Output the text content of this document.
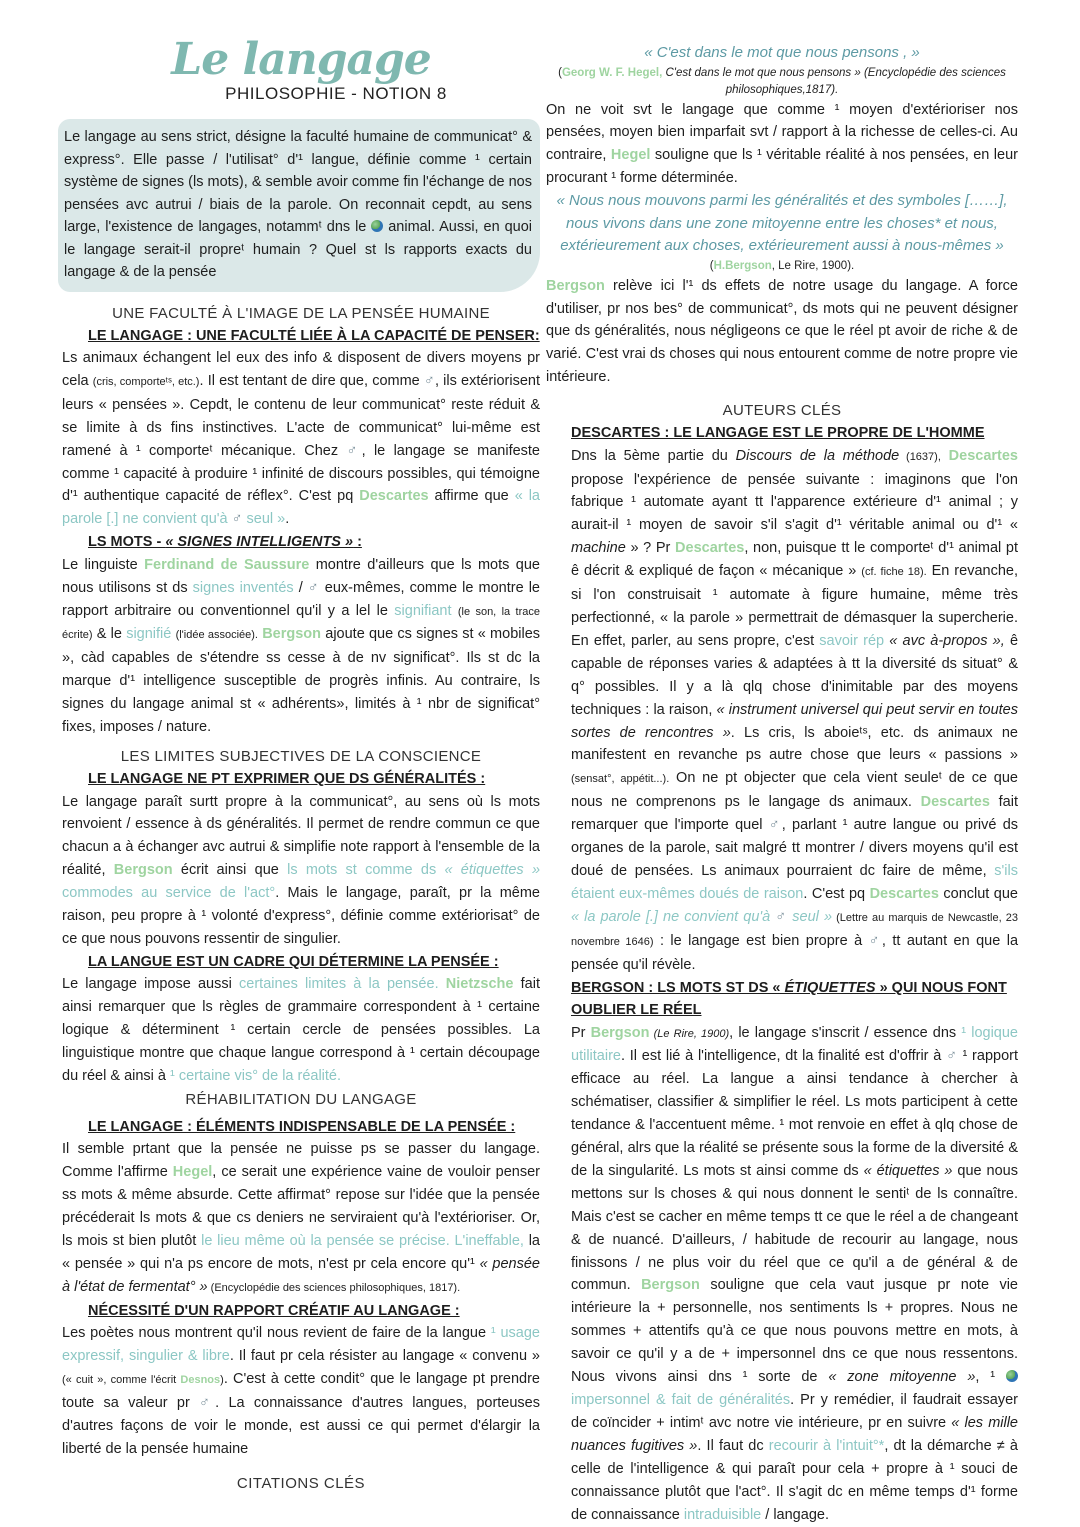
Le langage
PHILOSOPHIE - NOTION 8
Le langage au sens strict, désigne la faculté humaine de communicat° & express°. Elle passe / l'utilisat° d'¹ langue, définie comme ¹ certain système de signes (ls mots), & semble avoir comme fin l'échange de nos pensées avc autrui / biais de la parole. On reconnait cepdt, au sens large, l'existence de langages, notammᵗ dns le  animal. Aussi, en quoi le langage serait-il propreᵗ humain ? Quel st ls rapports exacts du langage & de la pensée
UNE FACULTÉ À L'IMAGE DE LA PENSÉE HUMAINE
LE LANGAGE : UNE FACULTÉ LIÉE À LA CAPACITÉ DE PENSER:

Ls animaux échangent lel eux des info & disposent de divers moyens pr cela (cris, comporteᵗˢ, etc.). Il est tentant de dire que, comme ♂, ils extériorisent leurs « pensées ». Cepdt, le contenu de leur communicat° reste réduit & se limite à ds fins instinctives. L'acte de communicat° lui-même est ramené à ¹ comporteᵗ mécanique. Chez ♂, le langage se manifeste comme ¹ capacité à produire ¹ infinité de discours possibles, qui témoigne d'¹ authentique capacité de réflex°. C'est pq Descartes affirme que « la parole [.] ne convient qu'à ♂ seul ».

LS MOTS - « SIGNES INTELLIGENTS » :

Le linguiste Ferdinand de Saussure montre d'ailleurs que ls mots que nous utilisons st ds signes inventés / ♂ eux-mêmes, comme le montre le rapport arbitraire ou conventionnel qu'il y a lel le signifiant (le son, la trace écrite) & le signifié (l'idée associée). Bergson ajoute que cs signes st « mobiles », càd capables de s'étendre ss cesse à de nv significat°. Ils st dc la marque d'¹ intelligence susceptible de progrès infinis. Au contraire, ls signes du langage animal st « adhérents», limités à ¹ nbr de significat° fixes, imposes / nature.

LES LIMITES SUBJECTIVES DE LA CONSCIENCE
LE LANGAGE NE PT EXPRIMER QUE DS GÉNÉRALITÉS :

Le langage paraît surtt propre à la communicat°, au sens où ls mots renvoient / essence à ds généralités. Il permet de rendre commun ce que chacun a à échanger avc autrui & simplifie note rapport à l'ensemble de la réalité, Bergson écrit ainsi que ls mots st comme ds « étiquettes » commodes au service de l'act°. Mais le langage, paraît, pr la même raison, peu propre à ¹ volonté d'express°, définie comme extériorisat° de ce que nous pouvons ressentir de singulier.

LA LANGUE EST UN CADRE QUI DÉTERMINE LA PENSÉE :

Le langage impose aussi certaines limites à la pensée. Nietzsche fait ainsi remarquer que ls règles de grammaire correspondent à ¹ certaine logique & déterminent ¹ certain cercle de pensées possibles. La linguistique montre que chaque langue correspond à ¹ certain découpage du réel & ainsi à ¹ certaine vis° de la réalité.

RÉHABILITATION DU LANGAGE
LE LANGAGE : ÉLÉMENTS INDISPENSABLE DE LA PENSÉE :

Il semble prtant que la pensée ne puisse ps se passer du langage. Comme l'affirme Hegel, ce serait une expérience vaine de vouloir penser ss mots & même absurde. Cette affirmat° repose sur l'idée que la pensée précéderait ls mots & que cs deniers ne serviraient qu'à l'extérioriser. Or, ls mois st bien plutôt le lieu même où la pensée se précise. L'ineffable, la « pensée » qui n'a ps encore de mots, n'est pr cela encore qu'¹ « pensée à l'état de fermentat° » (Encyclopédie des sciences philosophiques, 1817).

NÉCESSITÉ D'UN RAPPORT CRÉATIF AU LANGAGE :

Les poètes nous montrent qu'il nous revient de faire de la langue ¹ usage expressif, singulier & libre. Il faut pr cela résister au langage « convenu » (« cuit », comme l'écrit Desnos). C'est à cette condit° que le langage pt prendre toute sa valeur pr ♂. La connaissance d'autres langues, porteuses d'autres façons de voir le monde, est aussi ce qui permet d'élargir la liberté de la pensée humaine

CITATIONS CLÉS
« C'est dans le mot que nous pensons , »
(Georg W. F. Hegel, C'est dans le mot que nous pensons » (Encyclopédie des sciences philosophiques,1817).

On ne voit svt le langage que comme ¹ moyen d'extérioriser nos pensées, moyen bien imparfait svt / rapport à la richesse de celles-ci. Au contraire, Hegel souligne que ls ¹ véritable réalité à nos pensées, en leur procurant ¹ forme déterminée.

« Nous nous mouvons parmi les généralités et des symboles [……], nous vivons dans une zone mitoyenne entre les choses* et nous, extérieurement aux choses, extérieurement aussi à nous-mêmes »
(H.Bergson, Le Rire, 1900).

Bergson relève ici l'¹ ds effets de notre usage du langage. A force d'utiliser, pr nos bes° de communicat°, ds mots qui ne peuvent désigner que ds généralités, nous négligeons ce que le réel pt avoir de riche & de varié. C'est vrai ds choses qui nous entourent comme de notre propre vie intérieure.

AUTEURS CLÉS
DESCARTES : LE LANGAGE EST LE PROPRE DE L'HOMME

Dns la 5ème partie du Discours de la méthode (1637), Descartes propose l'expérience de pensée suivante : imaginons que l'on fabrique ¹ automate ayant tt l'apparence extérieure d'¹ animal ; y aurait-il ¹ moyen de savoir s'il s'agit d'¹ véritable animal ou d'¹ « machine » ? Pr Descartes, non, puisque tt le comporteᵗ d'¹ animal pt ê décrit & expliqué de façon « mécanique » (cf. fiche 18). En revanche, si l'on construisait ¹ automate à figure humaine, même très perfectionné, « la parole » permettrait de démasquer la supercherie. En effet, parler, au sens propre, c'est savoir rép « avc à-propos », ê capable de réponses varies & adaptées à tt la diversité ds situat° & q° possibles. Il y a là qlq chose d'inimitable par des moyens techniques : la raison, « instrument universel qui peut servir en toutes sortes de rencontres ». Ls cris, ls aboieᵗˢ, etc. ds animaux ne manifestent en revanche ps autre chose que leurs « passions » (sensat°, appétit...). On ne pt objecter que cela vient seuleᵗ de ce que nous ne comprenons ps le langage ds animaux. Descartes fait remarquer que l'importe quel ♂, parlant ¹ autre langue ou privé ds organes de la parole, sait malgré tt montrer / divers moyens qu'il est doué de pensées. Ls animaux pourraient dc faire de même, s'ils étaient eux-mêmes doués de raison. C'est pq Descartes conclut que « la parole [.] ne convient qu'à ♂ seul » (Lettre au marquis de Newcastle, 23 novembre 1646) : le langage est bien propre à ♂, tt autant en que la pensée qu'il révèle.

BERGSON : LS MOTS ST DS « ÉTIQUETTES » QUI NOUS FONT OUBLIER LE RÉEL

Pr Bergson (Le Rire, 1900), le langage s'inscrit / essence dns ¹ logique utilitaire. Il est lié à l'intelligence, dt la finalité est d'offrir à ♂ ¹ rapport efficace au réel. La langue a ainsi tendance à chercher à schématiser, classifier & simplifier le réel. Ls mots participent à cette tendance & l'accentuent même. ¹ mot renvoie en effet à qlq chose de général, alrs que la réalité se présente sous la forme de la diversité & de la singularité. Ls mots st ainsi comme ds « étiquettes » que nous mettons sur ls choses & qui nous donnent le sentiᵗ de ls connaître. Mais c'est se cacher en même temps tt ce que le réel a de changeant & de nuancé. D'ailleurs, / habitude de recourir au langage, nous finissons / ne plus voir du réel que ce qu'il a de général & de commun. Bergson souligne que cela vaut jusque pr note vie intérieure la + personnelle, nos sentiments ls + propres. Nous ne sommes + attentifs qu'à ce que nous pouvons mettre en mots, à savoir ce qu'il y a de + impersonnel dns ce que nous ressentons. Nous vivons ainsi dns ¹ sorte de « zone mitoyenne », ¹  impersonnel & fait de généralités. Pr y remédier, il faudrait essayer de coïncider + intimᵗ avc notre vie intérieure, pr en suivre « les mille nuances fugitives ». Il faut dc recourir à l'intuit°*, dt la démarche ≠ à celle de l'intelligence & qui paraît pour cela + propre à ¹ souci de connaissance plutôt que l'act°. Il s'agit dc en même temps d'¹ forme de connaissance intraduisible / langage.
